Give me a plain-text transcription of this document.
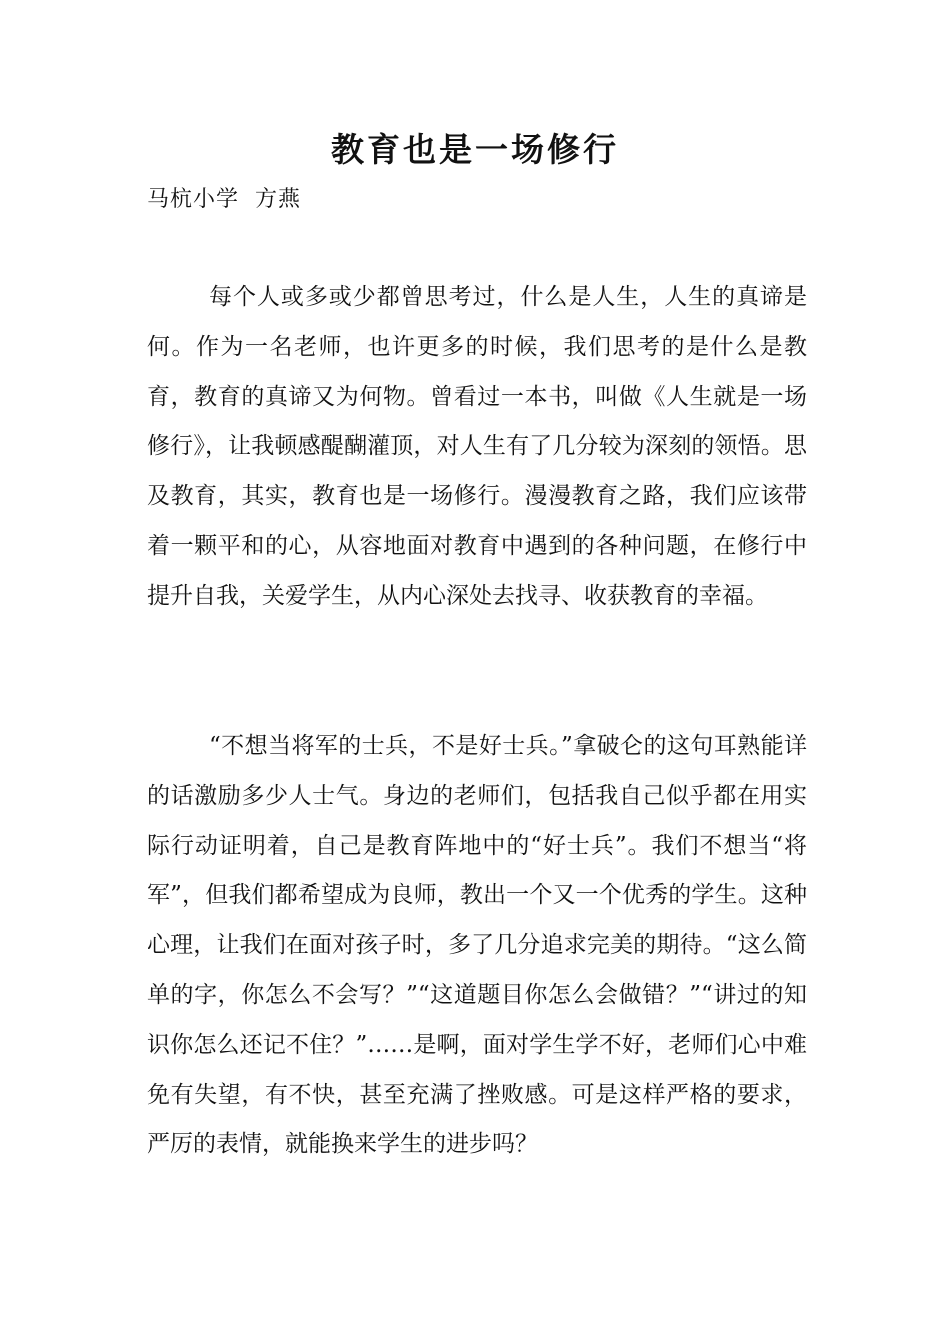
教育也是一场修行

马杭小学  方燕

每个人或多或少都曾思考过，什么是人生，人生的真谛是何。作为一名老师，也许更多的时候，我们思考的是什么是教育，教育的真谛又为何物。曾看过一本书，叫做《人生就是一场修行》，让我顿感醍醐灌顶，对人生有了几分较为深刻的领悟。思及教育，其实，教育也是一场修行。漫漫教育之路，我们应该带着一颗平和的心，从容地面对教育中遇到的各种问题，在修行中提升自我，关爱学生，从内心深处去找寻、收获教育的幸福。

“不想当将军的士兵，不是好士兵。”拿破仑的这句耳熟能详的话激励多少人士气。身边的老师们，包括我自己似乎都在用实际行动证明着，自己是教育阵地中的“好士兵”。我们不想当“将军”，但我们都希望成为良师，教出一个又一个优秀的学生。这种心理，让我们在面对孩子时，多了几分追求完美的期待。“这么简单的字，你怎么不会写？”“这道题目你怎么会做错？”“讲过的知识你怎么还记不住？”……是啊，面对学生学不好，老师们心中难免有失望，有不快，甚至充满了挫败感。可是这样严格的要求，严厉的表情，就能换来学生的进步吗？
